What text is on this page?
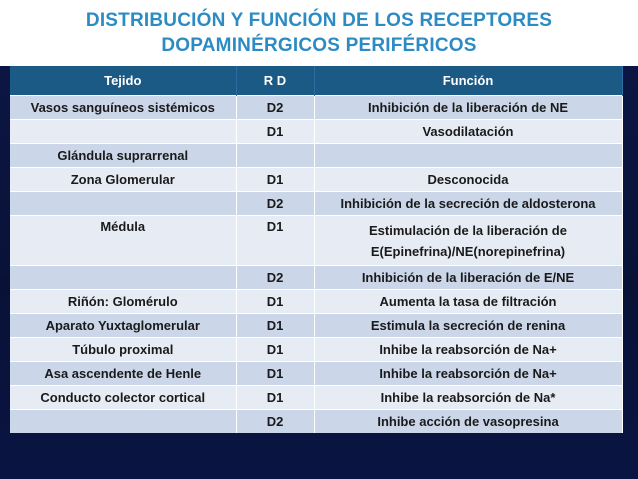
DISTRIBUCIÓN Y FUNCIÓN DE LOS RECEPTORES
DOPAMINÉRGICOS PERIFÉRICOS
Tejido	R D	Función
Vasos sanguíneos sistémicos	D2	Inhibición de la liberación de NE
	D1	Vasodilatación
Glándula suprarrenal		
Zona Glomerular	D1	Desconocida
	D2	Inhibición de la secreción de aldosterona
Médula	D1	Estimulación de la liberación de E(Epinefrina)/NE(norepinefrina)
	D2	Inhibición de la liberación de E/NE
Riñón: Glomérulo	D1	Aumenta la tasa de filtración
Aparato Yuxtaglomerular	D1	Estimula la secreción de renina
Túbulo proximal	D1	Inhibe la reabsorción de Na+
Asa ascendente de Henle	D1	Inhibe la reabsorción de Na+
Conducto colector cortical	D1	Inhibe la reabsorción de Na*
	D2	Inhibe acción de vasopresina
